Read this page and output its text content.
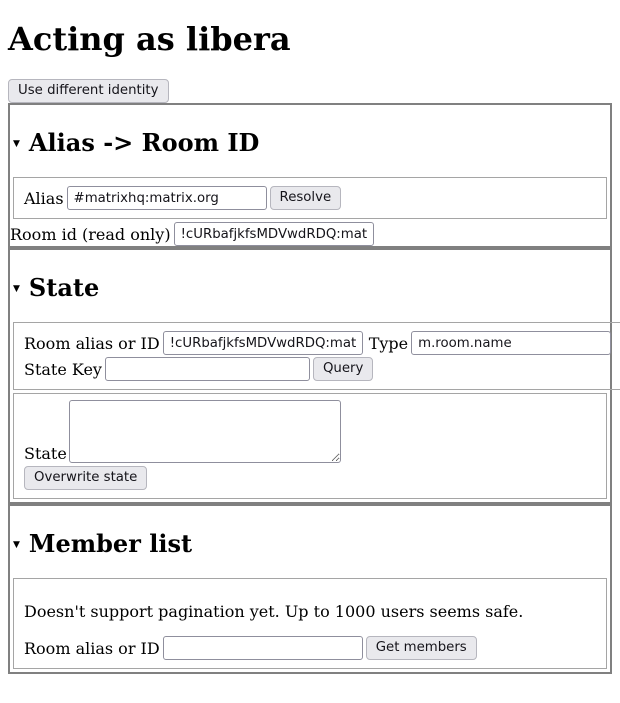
Acting as libera
Use different identity
▼ Alias -> Room ID
Alias
#matrixhq:matrix.org	Resolve
Room id (read only)
!cURbafjkfsMDVwdRDQ:matrix.
▼ State
Room alias or ID
!cURbafjkfsMDVwdRDQ:matrix.	Type
m.room.name
State Key	Query
State
Overwrite state
▼ Member list

Doesn't support pagination yet. Up to 1000 users seems safe.

Room alias or ID	Get members
